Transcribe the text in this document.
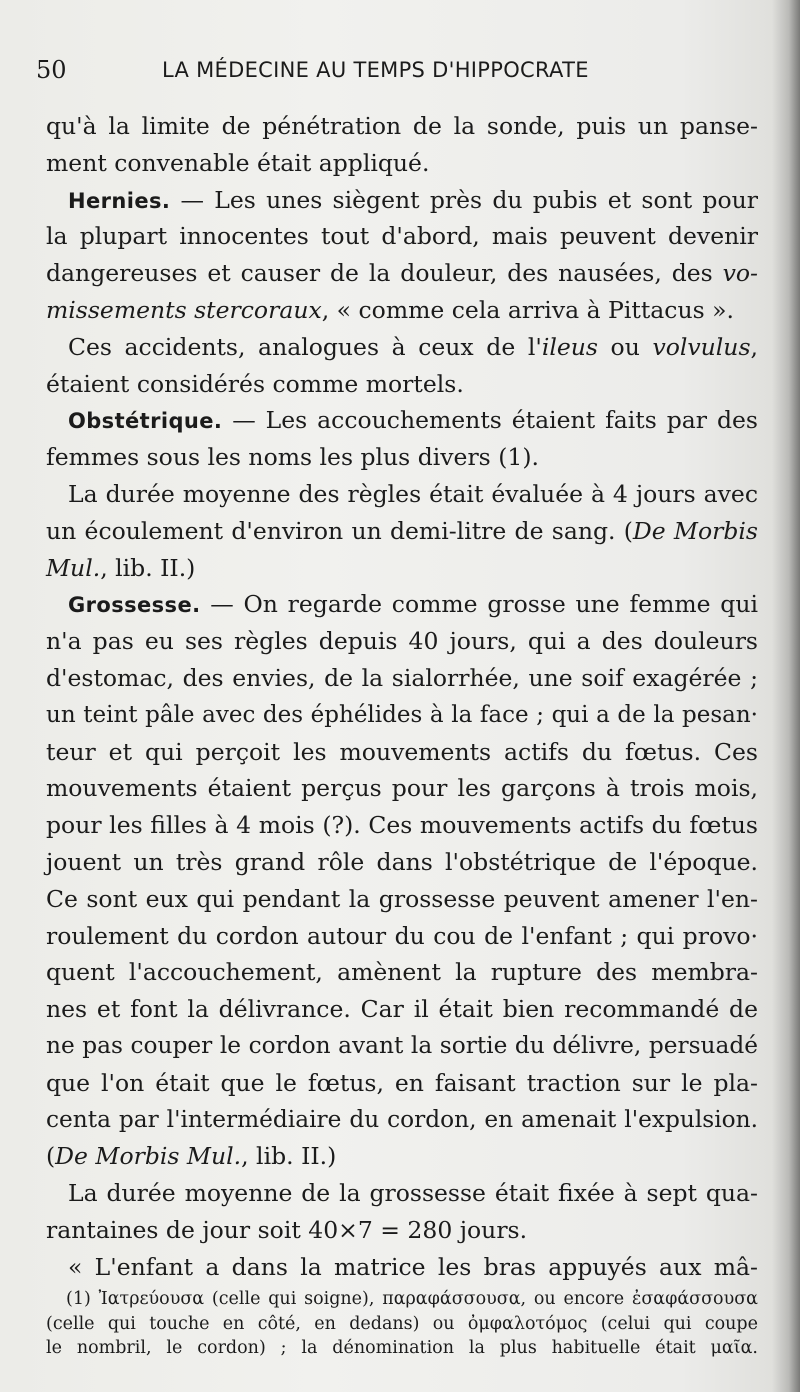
50	LA MÉDECINE AU TEMPS D'HIPPOCRATE
qu'à la limite de pénétration de la sonde, puis un panse-
ment convenable était appliqué.
Hernies. — Les unes siègent près du pubis et sont pour
la plupart innocentes tout d'abord, mais peuvent devenir
dangereuses et causer de la douleur, des nausées, des vo-
missements stercoraux, « comme cela arriva à Pittacus ».
Ces accidents, analogues à ceux de l'ileus ou volvulus,
étaient considérés comme mortels.
Obstétrique. — Les accouchements étaient faits par des
femmes sous les noms les plus divers (1).
La durée moyenne des règles était évaluée à 4 jours avec
un écoulement d'environ un demi-litre de sang. (De Morbis
Mul., lib. II.)
Grossesse. — On regarde comme grosse une femme qui
n'a pas eu ses règles depuis 40 jours, qui a des douleurs
d'estomac, des envies, de la sialorrhée, une soif exagérée ;
un teint pâle avec des éphélides à la face ; qui a de la pesan·
teur et qui perçoit les mouvements actifs du fœtus. Ces
mouvements étaient perçus pour les garçons à trois mois,
pour les filles à 4 mois (?). Ces mouvements actifs du fœtus
jouent un très grand rôle dans l'obstétrique de l'époque.
Ce sont eux qui pendant la grossesse peuvent amener l'en-
roulement du cordon autour du cou de l'enfant ; qui provo·
quent l'accouchement, amènent la rupture des membra-
nes et font la délivrance. Car il était bien recommandé de
ne pas couper le cordon avant la sortie du délivre, persuadé
que l'on était que le fœtus, en faisant traction sur le pla-
centa par l'intermédiaire du cordon, en amenait l'expulsion.
(De Morbis Mul., lib. II.)
La durée moyenne de la grossesse était fixée à sept qua-
rantaines de jour soit 40×7 = 280 jours.
« L'enfant a dans la matrice les bras appuyés aux mâ-
(1) Ἰατρεύουσα (celle qui soigne), παραφάσσουσα, ou encore ἐσαφάσσουσα
(celle qui touche en côté, en dedans) ou ὀμφαλοτόμος (celui qui coupe
le nombril, le cordon) ; la dénomination la plus habituelle était μαῖα.
